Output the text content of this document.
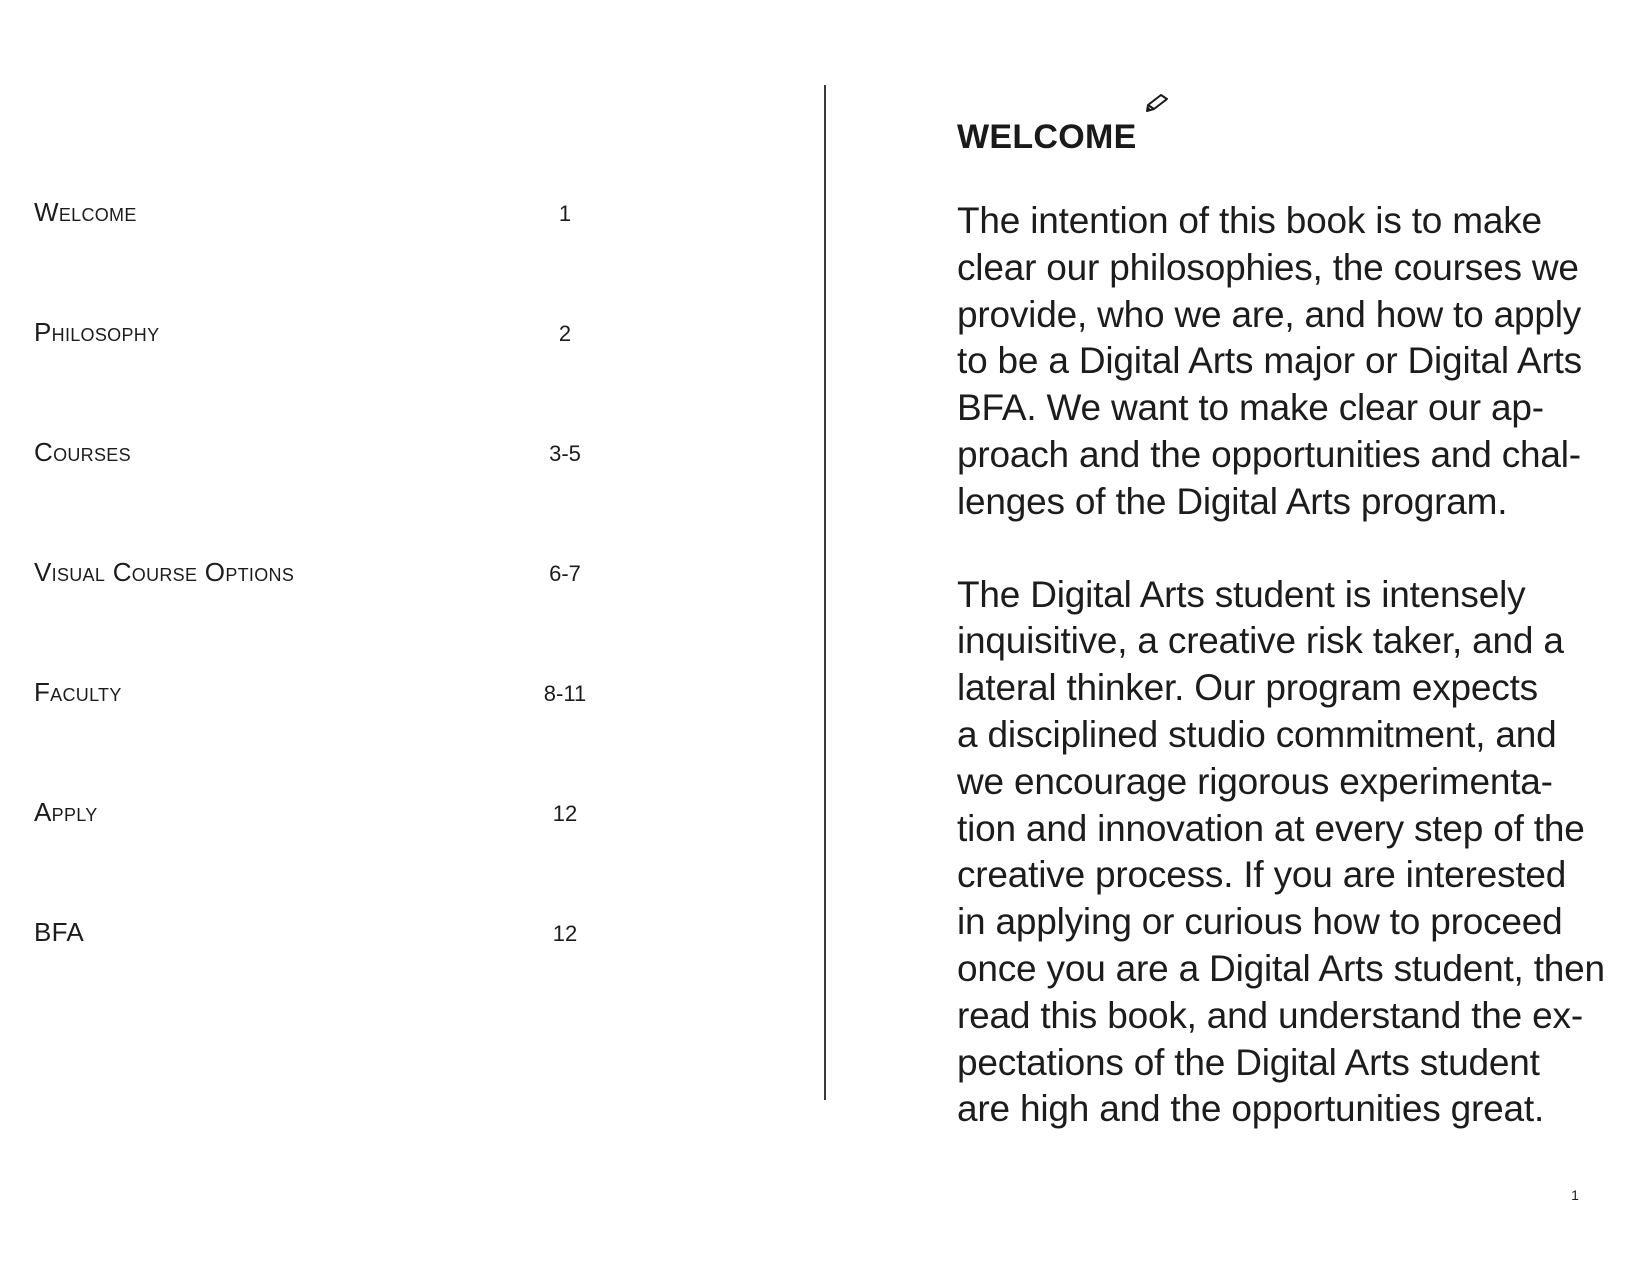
Welcome	1
Philosophy	2
Courses	3-5
Visual Course Options	6-7
Faculty	8-11
Apply	12
BFA	12
WELCOME

The intention of this book is to make
clear our philosophies, the courses we
provide, who we are, and how to apply
to be a Digital Arts major or Digital Arts
BFA. We want to make clear our ap-
proach and the opportunities and chal-
lenges of the Digital Arts program.

The Digital Arts student is intensely
inquisitive, a creative risk taker, and a
lateral thinker. Our program expects
a disciplined studio commitment, and
we encourage rigorous experimenta-
tion and innovation at every step of the
creative process. If you are interested
in applying or curious how to proceed
once you are a Digital Arts student, then
read this book, and understand the ex-
pectations of the Digital Arts student
are high and the opportunities great.

1
